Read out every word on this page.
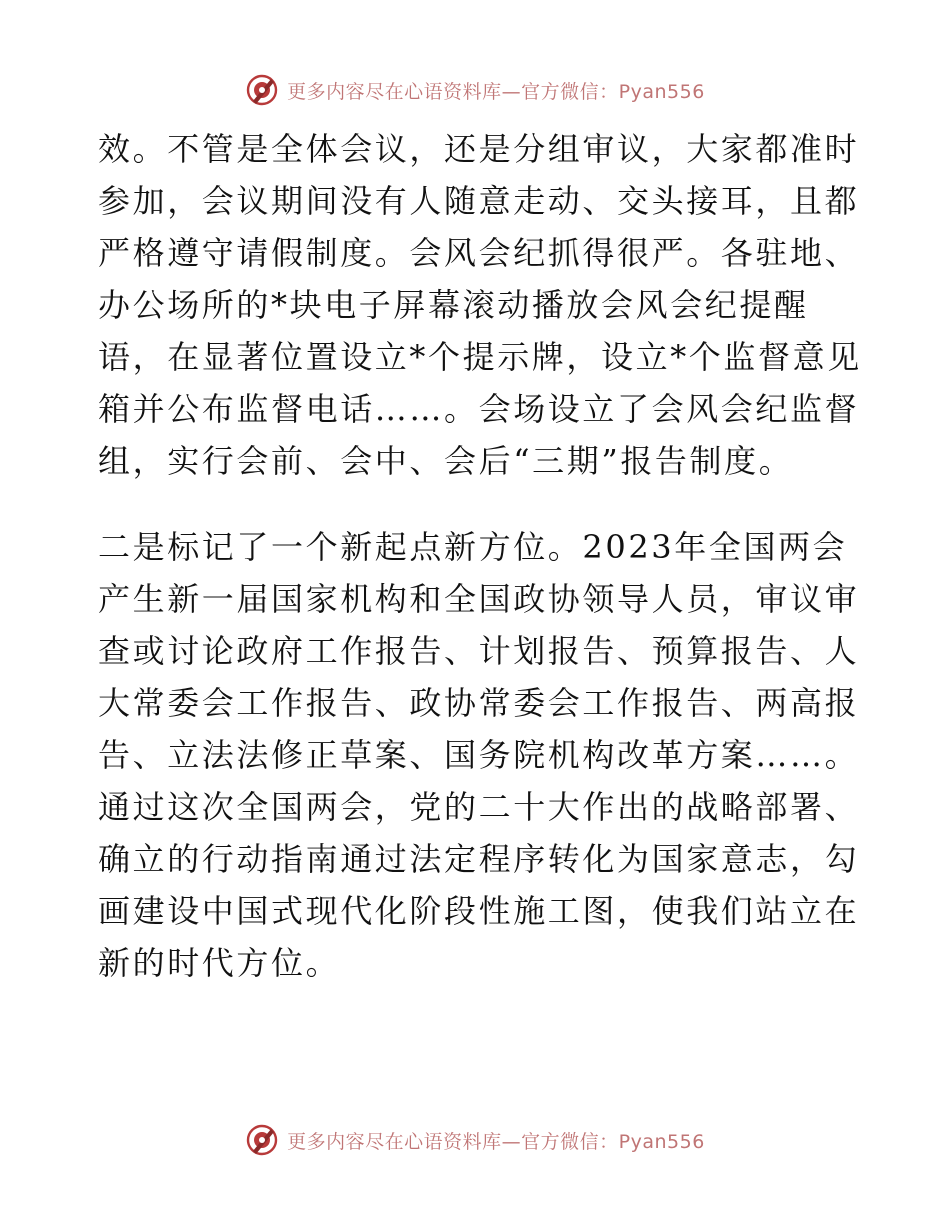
更多内容尽在心语资料库—官方微信：Pyan556
效。不管是全体会议，还是分组审议，大家都准时
参加，会议期间没有人随意走动、交头接耳，且都
严格遵守请假制度。会风会纪抓得很严。各驻地、
办公场所的*块电子屏幕滚动播放会风会纪提醒
语，在显著位置设立*个提示牌，设立*个监督意见
箱并公布监督电话……。会场设立了会风会纪监督
组，实行会前、会中、会后“三期”报告制度。
二是标记了一个新起点新方位。2023年全国两会
产生新一届国家机构和全国政协领导人员，审议审
查或讨论政府工作报告、计划报告、预算报告、人
大常委会工作报告、政协常委会工作报告、两高报
告、立法法修正草案、国务院机构改革方案……。
通过这次全国两会，党的二十大作出的战略部署、
确立的行动指南通过法定程序转化为国家意志，勾
画建设中国式现代化阶段性施工图，使我们站立在
新的时代方位。
更多内容尽在心语资料库—官方微信：Pyan556
